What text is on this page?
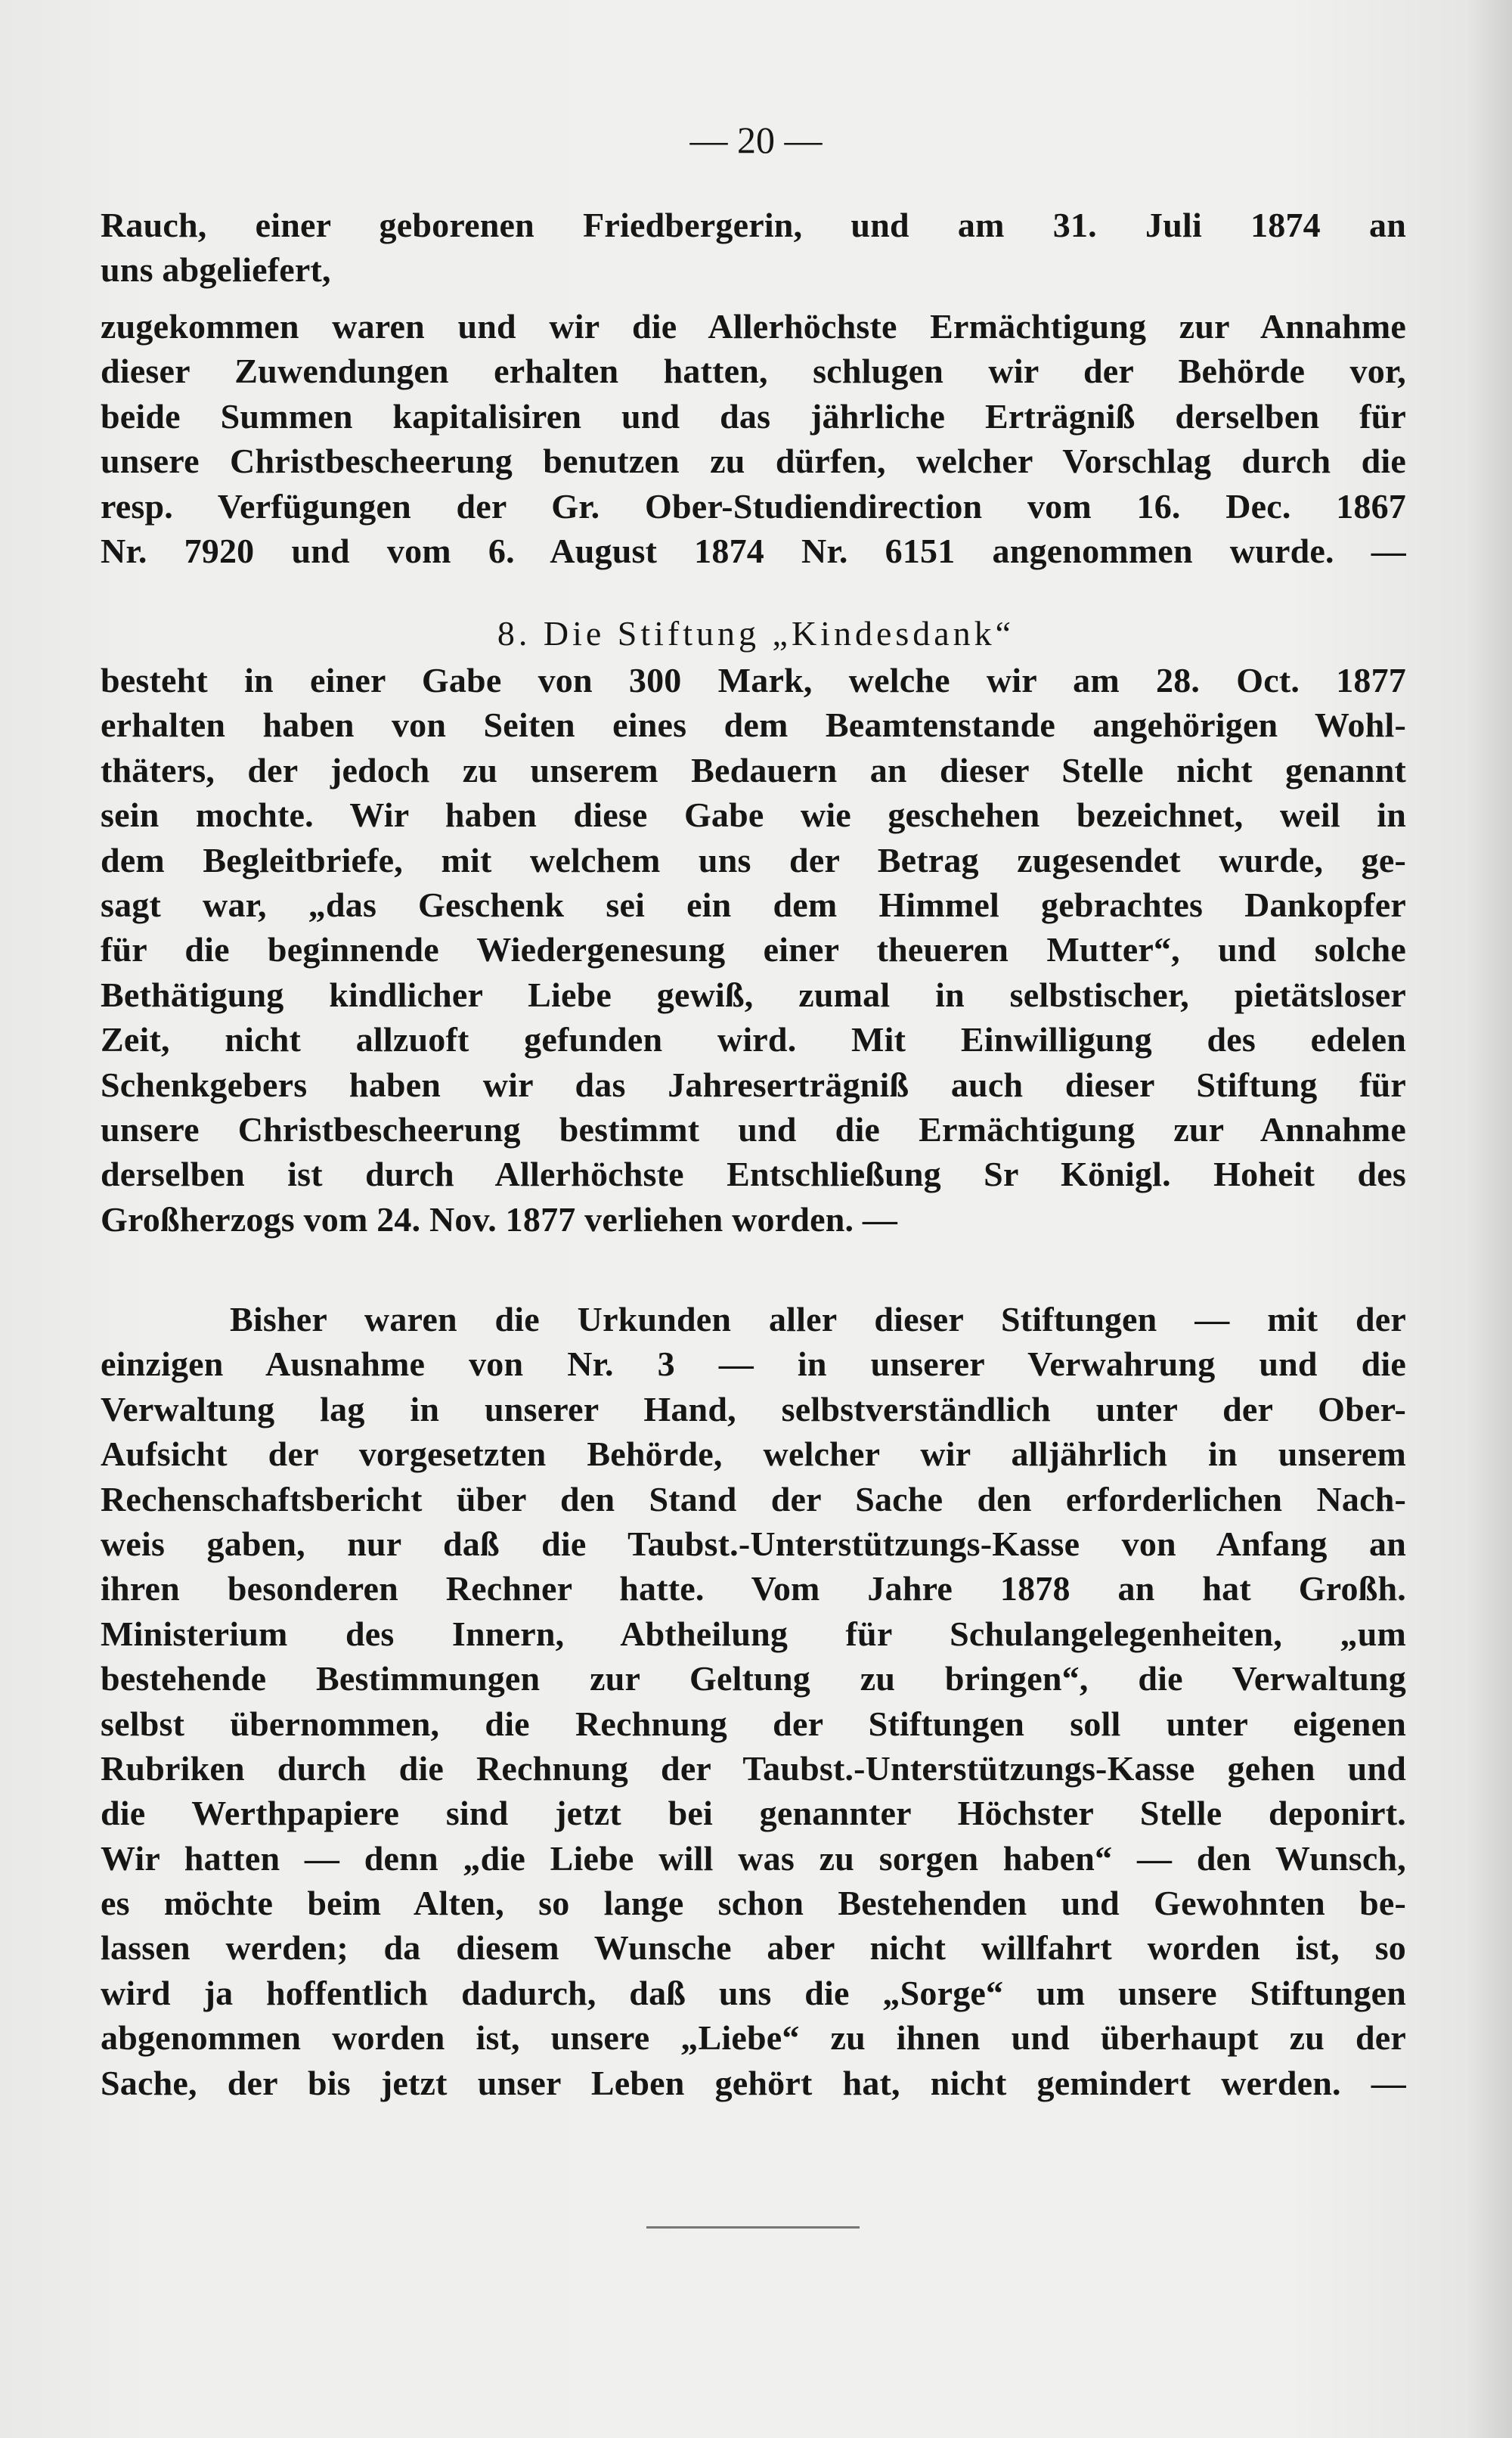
— 20 —
Rauch, einer geborenen Friedbergerin, und am 31. Juli 1874 an
uns abgeliefert,
zugekommen waren und wir die Allerhöchste Ermächtigung zur Annahme
dieser Zuwendungen erhalten hatten, schlugen wir der Behörde vor,
beide Summen kapitalisiren und das jährliche Erträgniß derselben für
unsere Christbescheerung benutzen zu dürfen, welcher Vorschlag durch die
resp. Verfügungen der Gr. Ober-Studiendirection vom 16. Dec. 1867
Nr. 7920 und vom 6. August 1874 Nr. 6151 angenommen wurde. —
8. Die Stiftung „Kindesdank“
besteht in einer Gabe von 300 Mark, welche wir am 28. Oct. 1877
erhalten haben von Seiten eines dem Beamtenstande angehörigen Wohl-
thäters, der jedoch zu unserem Bedauern an dieser Stelle nicht genannt
sein mochte. Wir haben diese Gabe wie geschehen bezeichnet, weil in
dem Begleitbriefe, mit welchem uns der Betrag zugesendet wurde, ge-
sagt war, „das Geschenk sei ein dem Himmel gebrachtes Dankopfer
für die beginnende Wiedergenesung einer theueren Mutter“, und solche
Bethätigung kindlicher Liebe gewiß, zumal in selbstischer, pietätsloser
Zeit, nicht allzuoft gefunden wird. Mit Einwilligung des edelen
Schenkgebers haben wir das Jahreserträgniß auch dieser Stiftung für
unsere Christbescheerung bestimmt und die Ermächtigung zur Annahme
derselben ist durch Allerhöchste Entschließung Sr Königl. Hoheit des
Großherzogs vom 24. Nov. 1877 verliehen worden. —
Bisher waren die Urkunden aller dieser Stiftungen — mit der
einzigen Ausnahme von Nr. 3 — in unserer Verwahrung und die
Verwaltung lag in unserer Hand, selbstverständlich unter der Ober-
Aufsicht der vorgesetzten Behörde, welcher wir alljährlich in unserem
Rechenschaftsbericht über den Stand der Sache den erforderlichen Nach-
weis gaben, nur daß die Taubst.-Unterstützungs-Kasse von Anfang an
ihren besonderen Rechner hatte. Vom Jahre 1878 an hat Großh.
Ministerium des Innern, Abtheilung für Schulangelegenheiten, „um
bestehende Bestimmungen zur Geltung zu bringen“, die Verwaltung
selbst übernommen, die Rechnung der Stiftungen soll unter eigenen
Rubriken durch die Rechnung der Taubst.-Unterstützungs-Kasse gehen und
die Werthpapiere sind jetzt bei genannter Höchster Stelle deponirt.
Wir hatten — denn „die Liebe will was zu sorgen haben“ — den Wunsch,
es möchte beim Alten, so lange schon Bestehenden und Gewohnten be-
lassen werden; da diesem Wunsche aber nicht willfahrt worden ist, so
wird ja hoffentlich dadurch, daß uns die „Sorge“ um unsere Stiftungen
abgenommen worden ist, unsere „Liebe“ zu ihnen und überhaupt zu der
Sache, der bis jetzt unser Leben gehört hat, nicht gemindert werden. —
